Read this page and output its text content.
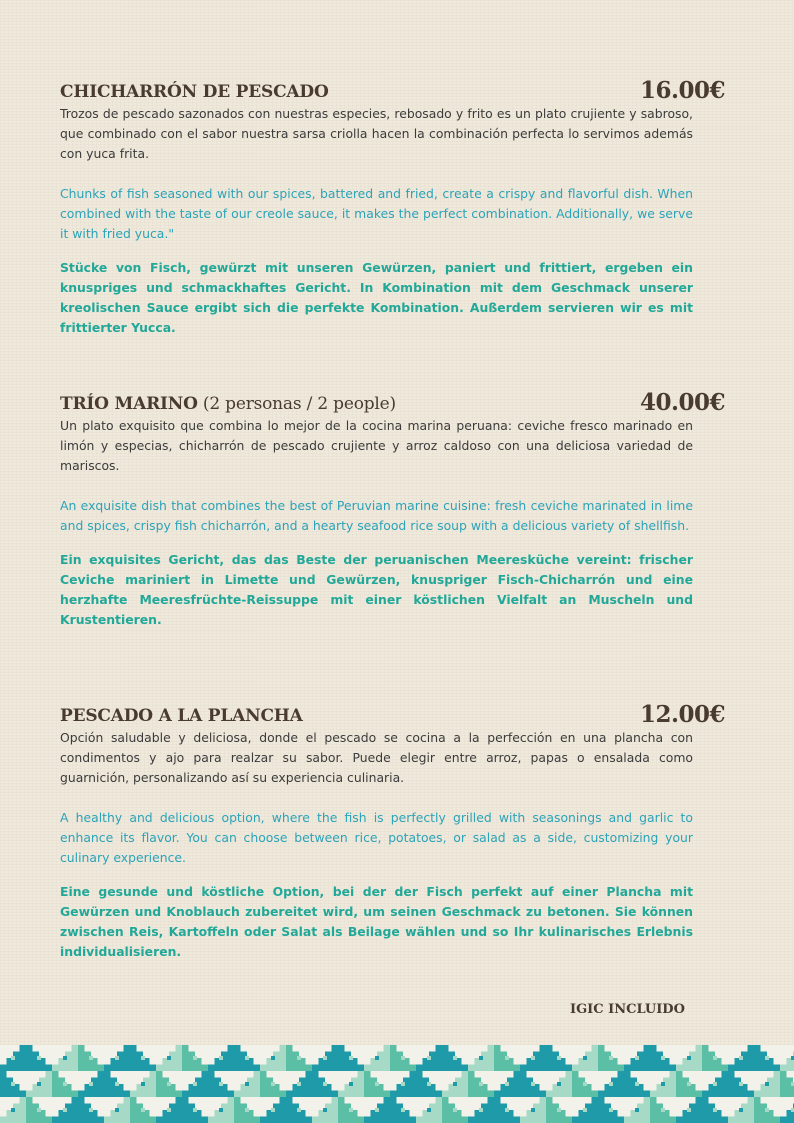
CHICHARRÓN DE PESCADO	16.00€

Trozos de pescado sazonados con nuestras especies, rebosado y frito es un plato crujiente y sabroso, que combinado con el sabor nuestra sarsa criolla hacen la combinación perfecta lo servimos además con yuca frita.

Chunks of fish seasoned with our spices, battered and fried, create a crispy and flavorful dish. When combined with the taste of our creole sauce, it makes the perfect combination. Additionally, we serve it with fried yuca."

Stücke von Fisch, gewürzt mit unseren Gewürzen, paniert und frittiert, ergeben ein knuspriges und schmackhaftes Gericht. In Kombination mit dem Geschmack unserer kreolischen Sauce ergibt sich die perfekte Kombination. Außerdem servieren wir es mit frittierter Yucca.

TRÍO MARINO (2 personas / 2 people)	40.00€

Un plato exquisito que combina lo mejor de la cocina marina peruana: ceviche fresco marinado en limón y especias, chicharrón de pescado crujiente y arroz caldoso con una deliciosa variedad de mariscos.

An exquisite dish that combines the best of Peruvian marine cuisine: fresh ceviche marinated in lime and spices, crispy fish chicharrón, and a hearty seafood rice soup with a delicious variety of shellfish.

Ein exquisites Gericht, das das Beste der peruanischen Meeresküche vereint: frischer Ceviche mariniert in Limette und Gewürzen, knuspriger Fisch-Chicharrón und eine herzhafte Meeresfrüchte-Reissuppe mit einer köstlichen Vielfalt an Muscheln und Krustentieren.

PESCADO A LA PLANCHA	12.00€

Opción saludable y deliciosa, donde el pescado se cocina a la perfección en una plancha con condimentos y ajo para realzar su sabor. Puede elegir entre arroz, papas o ensalada como guarnición, personalizando así su experiencia culinaria.

A healthy and delicious option, where the fish is perfectly grilled with seasonings and garlic to enhance its flavor. You can choose between rice, potatoes, or salad as a side, customizing your culinary experience.

Eine gesunde und köstliche Option, bei der der Fisch perfekt auf einer Plancha mit Gewürzen und Knoblauch zubereitet wird, um seinen Geschmack zu betonen. Sie können zwischen Reis, Kartoffeln oder Salat als Beilage wählen und so Ihr kulinarisches Erlebnis individualisieren.

IGIC INCLUIDO
